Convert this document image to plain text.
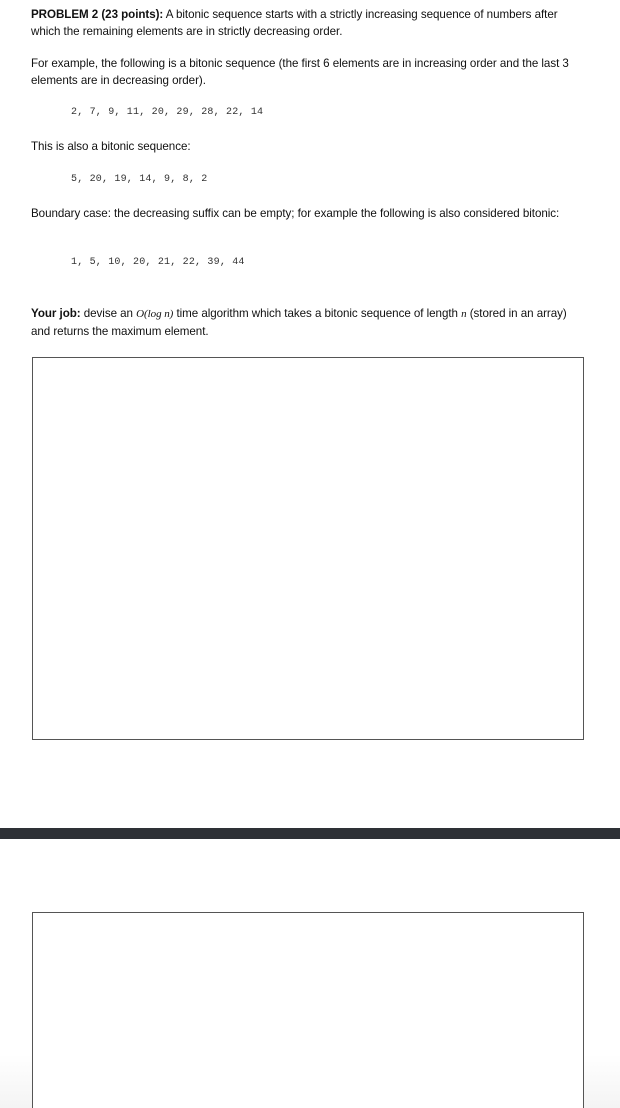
PROBLEM 2 (23 points): A bitonic sequence starts with a strictly increasing sequence of numbers after which the remaining elements are in strictly decreasing order.

For example, the following is a bitonic sequence (the first 6 elements are in increasing order and the last 3 elements are in decreasing order).

2, 7, 9, 11, 20, 29, 28, 22, 14

This is also a bitonic sequence:

5, 20, 19, 14, 9, 8, 2

Boundary case: the decreasing suffix can be empty; for example the following is also considered bitonic:

1, 5, 10, 20, 21, 22, 39, 44

Your job: devise an O(log n) time algorithm which takes a bitonic sequence of length n (stored in an array) and returns the maximum element.
